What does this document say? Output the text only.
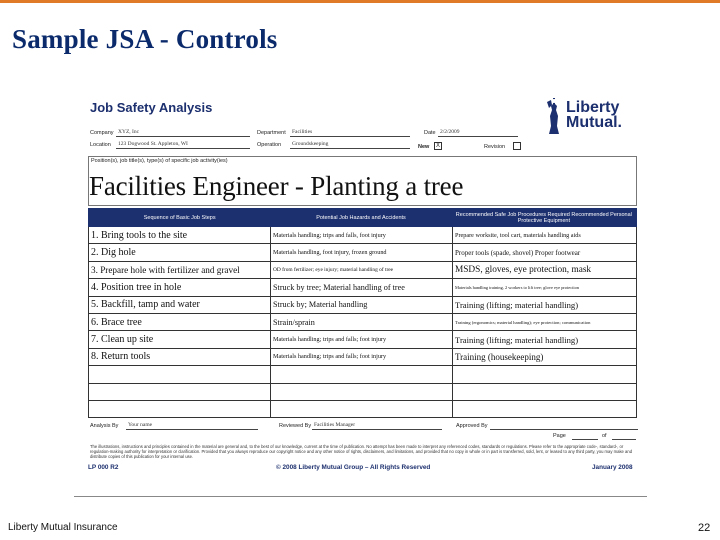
Sample JSA - Controls
Job Safety Analysis	Liberty Mutual.
Company XYZ, Inc	Department Facilities	Date 2/2/2009
Location 123 Dogwood St. Appleton, WI	Operation Groundskeeping	New	X	Revision
Position(s), job title(s), type(s) of specific job activity(ies)
Facilities Engineer - Planting a tree
Sequence of Basic Job Steps	Potential Job Hazards and Accidents	Recommended Safe Job Procedures Required Recommended Personal Protective Equipment
1. Bring tools to the site	Materials handling; trips and falls, foot injury	Prepare worksite, tool cart, materials handling aids
2. Dig hole	Materials handling, foot injury, frozen ground	Proper tools (spade, shovel) Proper footwear
3. Prepare hole with fertilizer and gravel	OD from fertilizer; eye injury; material handling of tree	MSDS, gloves, eye protection, mask
4. Position tree in hole	Struck by tree; Material handling of tree	Materials handling training, 2 workers to lift tree; glove eye protection
5. Backfill, tamp and water	Struck by; Material handling	Training (lifting; material handling)
6. Brace tree	Strain/sprain	Training (ergonomics; material handling); eye protection; communication
7. Clean up site	Materials handling; trips and falls; foot injury	Training (lifting; material handling)
8. Return tools	Materials handling; trips and falls; foot injury	Training (housekeeping)
Analysis By Your name	Reviewed By Facilities Manager	Approved By
Page	of
The illustrations, instructions and principles contained in the material are general and, to the best of our knowledge, current at the time of publication. No attempt has been made to interpret any referenced codes, standards or regulations. Please refer to the appropriate code-, standard-, or regulation-making authority for interpretation or clarification. Provided that you always reproduce our copyright notice and any other notice of rights, disclaimers, and limitations, and provided that no copy in whole or in part is transferred, sold, lent, or leased to any third party, you may make and distribute copies of this publication for your internal use.
LP 000 R2	© 2008 Liberty Mutual Group – All Rights Reserved	January 2008
Liberty Mutual Insurance	22
